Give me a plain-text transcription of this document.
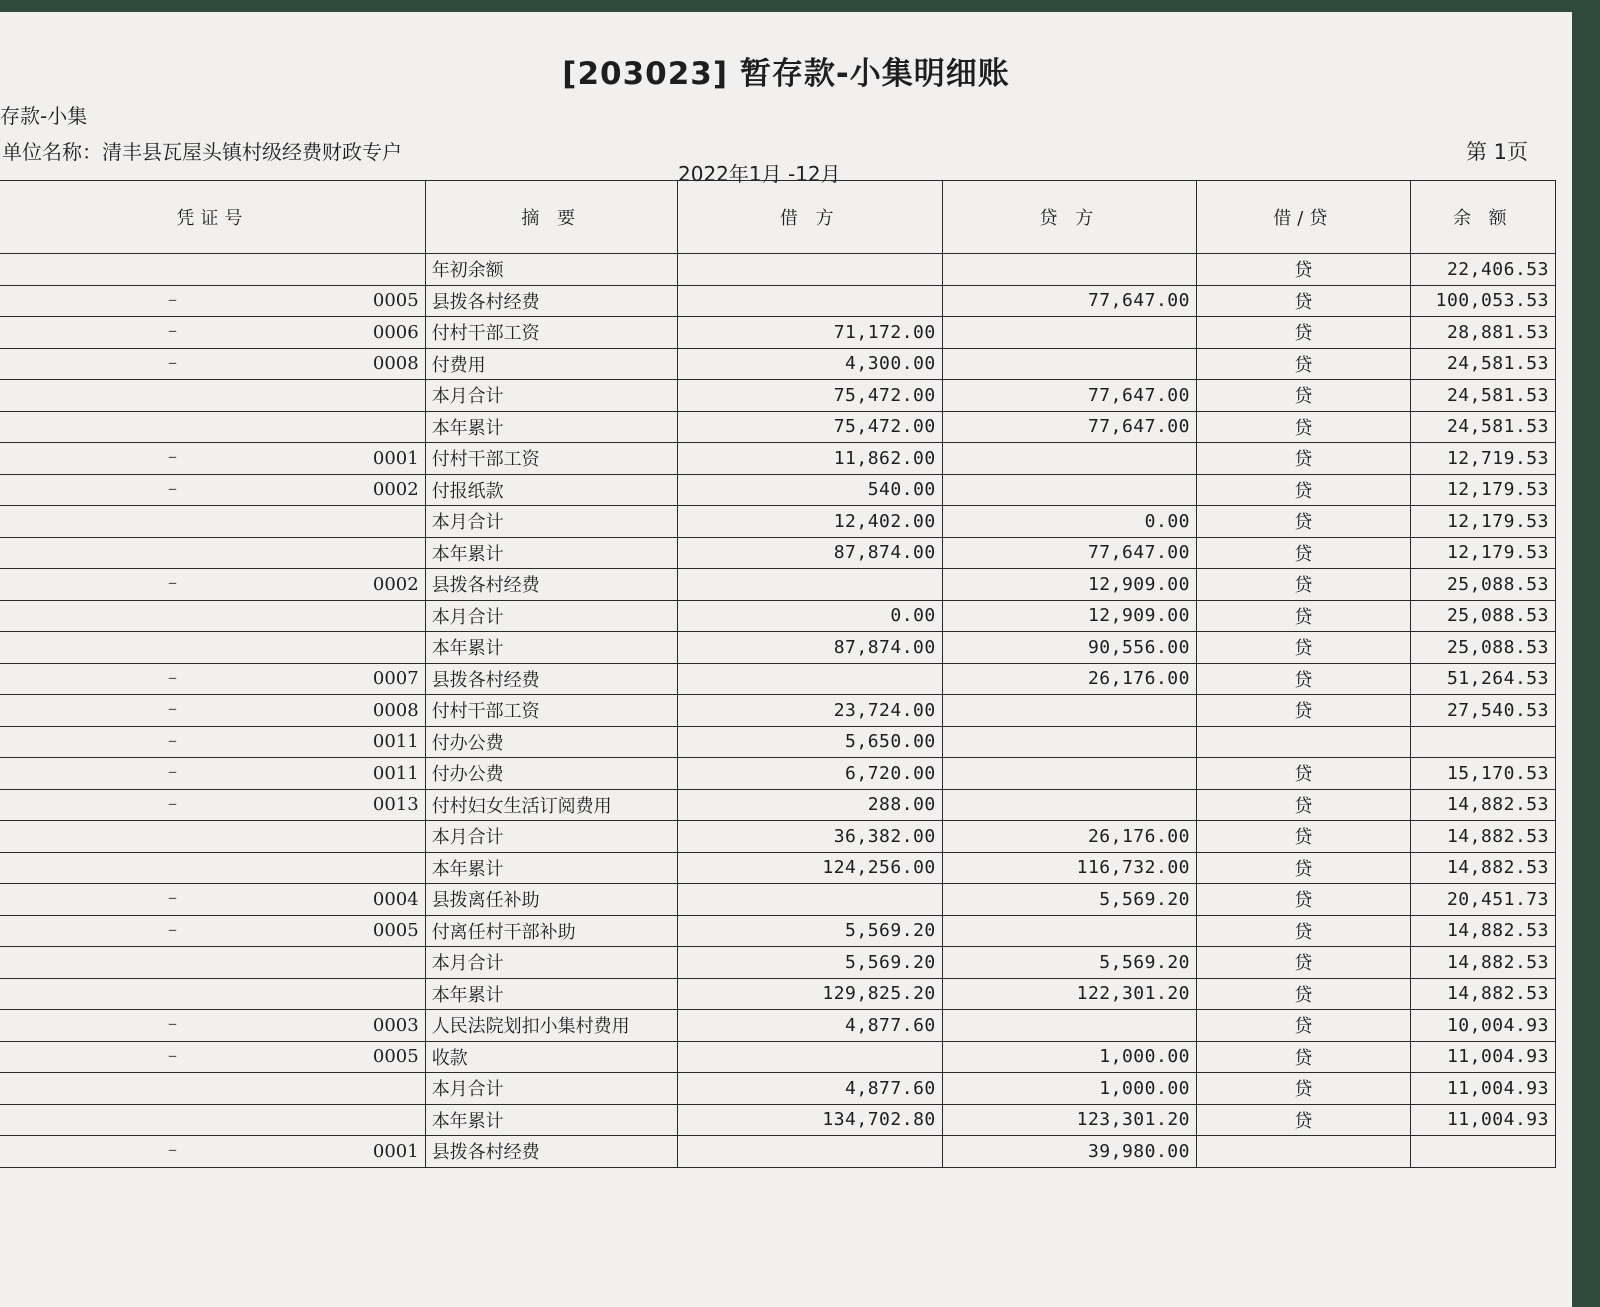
[203023] 暂存款-小集明细账
存款-小集
单位名称：清丰县瓦屋头镇村级经费财政专户
2022年1月 -12月
第 1页
凭证号	摘 要	借 方	贷 方	借/贷	余 额

	年初余额			贷	22,406.53

– 0005	县拨各村经费		77,647.00	贷	100,053.53

– 0006	付村干部工资	71,172.00		贷	28,881.53

– 0008	付费用	4,300.00		贷	24,581.53

	本月合计	75,472.00	77,647.00	贷	24,581.53

	本年累计	75,472.00	77,647.00	贷	24,581.53

– 0001	付村干部工资	11,862.00		贷	12,719.53

– 0002	付报纸款	540.00		贷	12,179.53

	本月合计	12,402.00	0.00	贷	12,179.53

	本年累计	87,874.00	77,647.00	贷	12,179.53

– 0002	县拨各村经费		12,909.00	贷	25,088.53

	本月合计	0.00	12,909.00	贷	25,088.53

	本年累计	87,874.00	90,556.00	贷	25,088.53

– 0007	县拨各村经费		26,176.00	贷	51,264.53

– 0008	付村干部工资	23,724.00		贷	27,540.53

– 0011	付办公费	5,650.00			

– 0011	付办公费	6,720.00		贷	15,170.53

– 0013	付村妇女生活订阅费用	288.00		贷	14,882.53

	本月合计	36,382.00	26,176.00	贷	14,882.53

	本年累计	124,256.00	116,732.00	贷	14,882.53

– 0004	县拨离任补助		5,569.20	贷	20,451.73

– 0005	付离任村干部补助	5,569.20		贷	14,882.53

	本月合计	5,569.20	5,569.20	贷	14,882.53

	本年累计	129,825.20	122,301.20	贷	14,882.53

– 0003	人民法院划扣小集村费用	4,877.60		贷	10,004.93

– 0005	收款		1,000.00	贷	11,004.93

	本月合计	4,877.60	1,000.00	贷	11,004.93

	本年累计	134,702.80	123,301.20	贷	11,004.93

– 0001	县拨各村经费		39,980.00		
